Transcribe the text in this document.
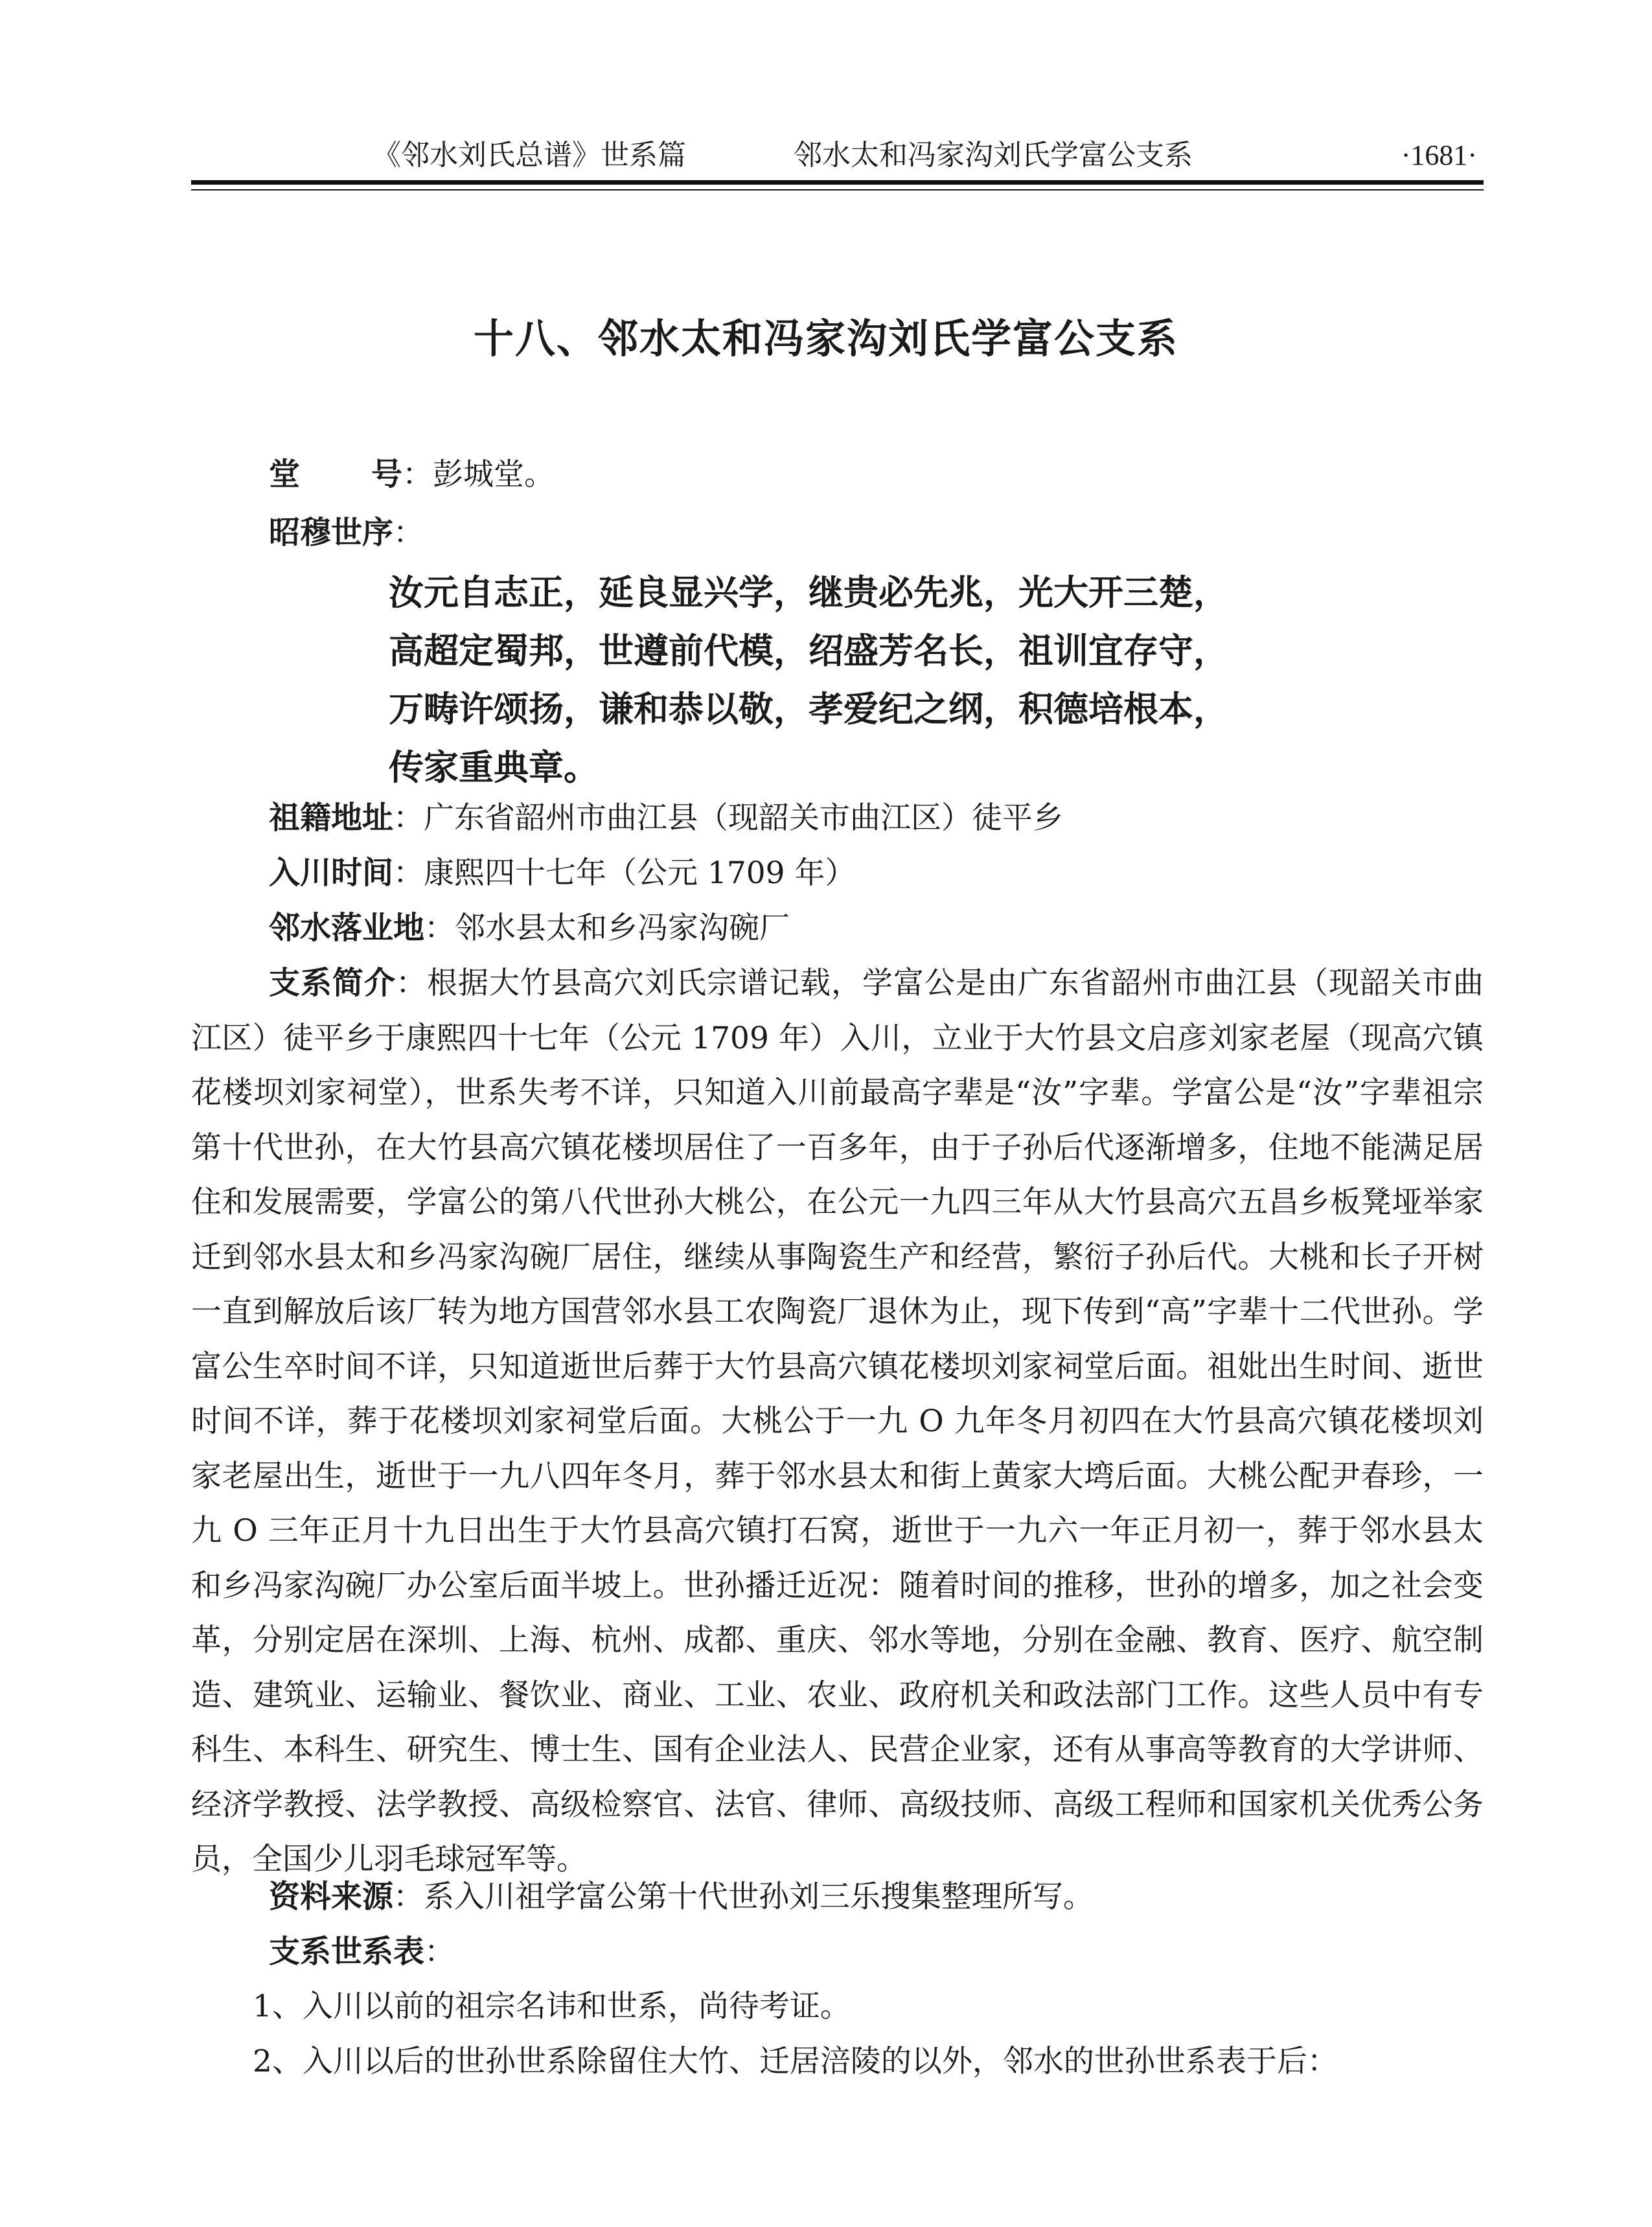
《邻水刘氏总谱》世系篇	邻水太和冯家沟刘氏学富公支系	·1681·
十八、邻水太和冯家沟刘氏学富公支系
堂 号：彭城堂。
昭穆世序：
汝元自志正，延良显兴学，继贵必先兆，光大开三楚，
高超定蜀邦，世遵前代模，绍盛芳名长，祖训宜存守，
万畴许颂扬，谦和恭以敬，孝爱纪之纲，积德培根本，
传家重典章。
祖籍地址：广东省韶州市曲江县（现韶关市曲江区）徒平乡
入川时间：康熙四十七年（公元 1709 年）
邻水落业地：邻水县太和乡冯家沟碗厂
支系简介：根据大竹县高穴刘氏宗谱记载，学富公是由广东省韶州市曲江县（现韶关市曲江区）徒平乡于康熙四十七年（公元 1709 年）入川，立业于大竹县文启彦刘家老屋（现高穴镇花楼坝刘家祠堂），世系失考不详，只知道入川前最高字辈是“汝”字辈。学富公是“汝”字辈祖宗第十代世孙，在大竹县高穴镇花楼坝居住了一百多年，由于子孙后代逐渐增多，住地不能满足居住和发展需要，学富公的第八代世孙大桃公，在公元一九四三年从大竹县高穴五昌乡板凳垭举家迁到邻水县太和乡冯家沟碗厂居住，继续从事陶瓷生产和经营，繁衍子孙后代。大桃和长子开树一直到解放后该厂转为地方国营邻水县工农陶瓷厂退休为止，现下传到“高”字辈十二代世孙。学富公生卒时间不详，只知道逝世后葬于大竹县高穴镇花楼坝刘家祠堂后面。祖妣出生时间、逝世时间不详，葬于花楼坝刘家祠堂后面。大桃公于一九 O 九年冬月初四在大竹县高穴镇花楼坝刘家老屋出生，逝世于一九八四年冬月，葬于邻水县太和街上黄家大塆后面。大桃公配尹春珍，一九 O 三年正月十九日出生于大竹县高穴镇打石窝，逝世于一九六一年正月初一，葬于邻水县太和乡冯家沟碗厂办公室后面半坡上。世孙播迁近况：随着时间的推移，世孙的增多，加之社会变革，分别定居在深圳、上海、杭州、成都、重庆、邻水等地，分别在金融、教育、医疗、航空制造、建筑业、运输业、餐饮业、商业、工业、农业、政府机关和政法部门工作。这些人员中有专科生、本科生、研究生、博士生、国有企业法人、民营企业家，还有从事高等教育的大学讲师、经济学教授、法学教授、高级检察官、法官、律师、高级技师、高级工程师和国家机关优秀公务员，全国少儿羽毛球冠军等。
资料来源：系入川祖学富公第十代世孙刘三乐搜集整理所写。
支系世系表：
1、入川以前的祖宗名讳和世系，尚待考证。
2、入川以后的世孙世系除留住大竹、迁居涪陵的以外，邻水的世孙世系表于后：
